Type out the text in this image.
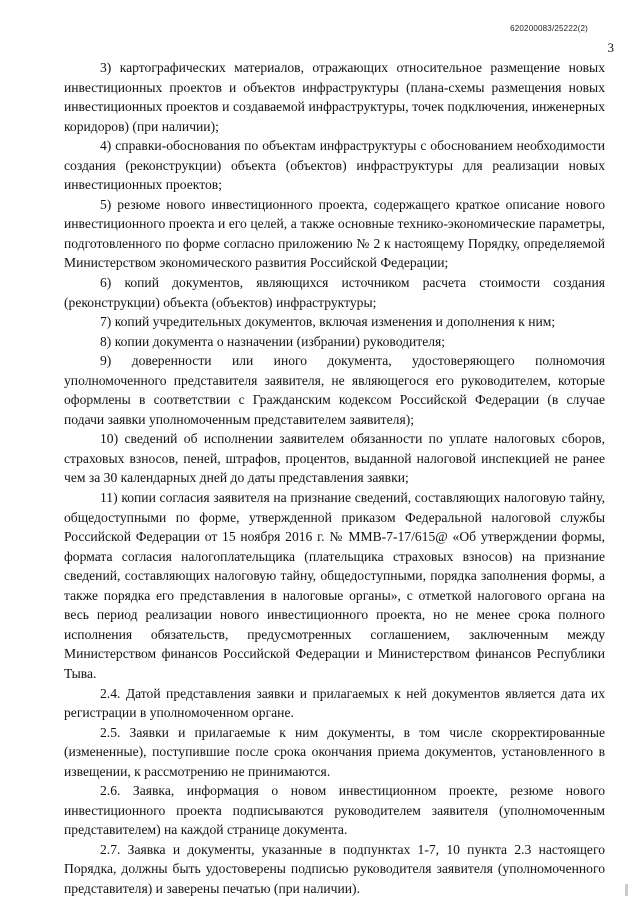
620200083/25222(2)
3

3) картографических материалов, отражающих относительное размещение новых инвестиционных проектов и объектов инфраструктуры (плана-схемы размещения новых инвестиционных проектов и создаваемой инфраструктуры, точек подключения, инженерных коридоров) (при наличии);

4) справки-обоснования по объектам инфраструктуры с обоснованием необходимости создания (реконструкции) объекта (объектов) инфраструктуры для реализации новых инвестиционных проектов;

5) резюме нового инвестиционного проекта, содержащего краткое описание нового инвестиционного проекта и его целей, а также основные технико-экономические параметры, подготовленного по форме согласно приложению № 2 к настоящему Порядку, определяемой Министерством экономического развития Российской Федерации;

6) копий документов, являющихся источником расчета стоимости создания (реконструкции) объекта (объектов) инфраструктуры;

7) копий учредительных документов, включая изменения и дополнения к ним;

8) копии документа о назначении (избрании) руководителя;

9) доверенности или иного документа, удостоверяющего полномочия уполномоченного представителя заявителя, не являющегося его руководителем, которые оформлены в соответствии с Гражданским кодексом Российской Федерации (в случае подачи заявки уполномоченным представителем заявителя);

10) сведений об исполнении заявителем обязанности по уплате налоговых сборов, страховых взносов, пеней, штрафов, процентов, выданной налоговой инспекцией не ранее чем за 30 календарных дней до даты представления заявки;

11) копии согласия заявителя на признание сведений, составляющих налоговую тайну, общедоступными по форме, утвержденной приказом Федеральной налоговой службы Российской Федерации от 15 ноября 2016 г. № ММВ-7-17/615@ «Об утверждении формы, формата согласия налогоплательщика (плательщика страховых взносов) на признание сведений, составляющих налоговую тайну, общедоступными, порядка заполнения формы, а также порядка его представления в налоговые органы», с отметкой налогового органа на весь период реализации нового инвестиционного проекта, но не менее срока полного исполнения обязательств, предусмотренных соглашением, заключенным между Министерством финансов Российской Федерации и Министерством финансов Республики Тыва.

2.4. Датой представления заявки и прилагаемых к ней документов является дата их регистрации в уполномоченном органе.

2.5. Заявки и прилагаемые к ним документы, в том числе скорректированные (измененные), поступившие после срока окончания приема документов, установленного в извещении, к рассмотрению не принимаются.

2.6. Заявка, информация о новом инвестиционном проекте, резюме нового инвестиционного проекта подписываются руководителем заявителя (уполномоченным представителем) на каждой странице документа.

2.7. Заявка и документы, указанные в подпунктах 1-7, 10 пункта 2.3 настоящего Порядка, должны быть удостоверены подписью руководителя заявителя (уполномоченного представителя) и заверены печатью (при наличии).
